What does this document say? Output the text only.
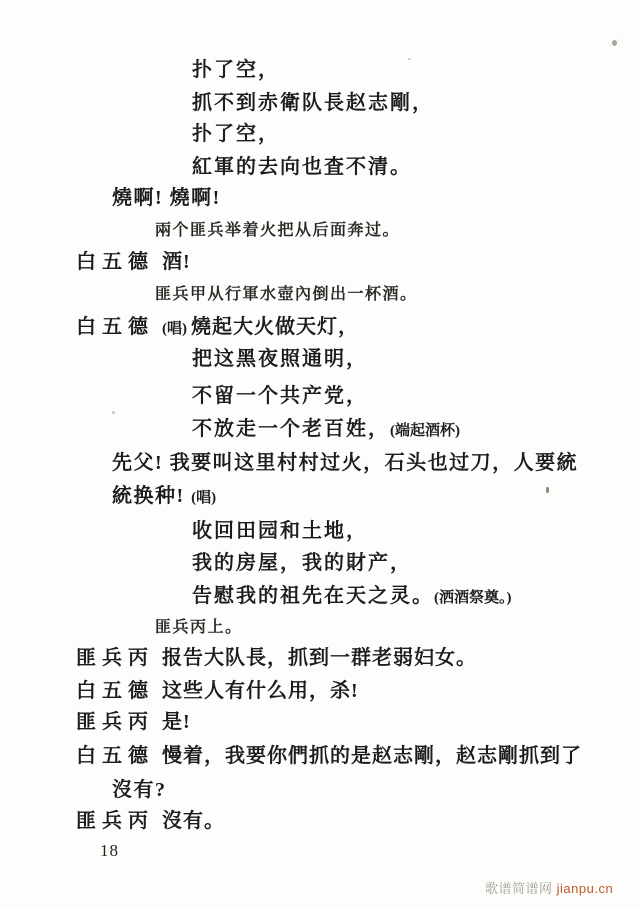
扑了空，
抓不到赤衛队長赵志剛，
扑了空，
紅軍的去向也査不清。
燒啊! 燒啊!
兩个匪兵举着火把从后面奔过。
白五德 酒!
匪兵甲从行軍水壺內倒出一杯酒。
白五德 (唱) 燒起大火做天灯，
把这黑夜照通明，
不留一个共产党，
不放走一个老百姓，(端起酒杯)
先父! 我要叫这里村村过火，石头也过刀，人要統
統换种! (唱)
收回田园和土地，
我的房屋，我的財产，
告慰我的祖先在天之灵。(洒酒祭奠。)
匪兵丙上。
匪兵丙 报告大队長，抓到一群老弱妇女。
白五德 这些人有什么用，杀!
匪兵丙 是!
白五德 慢着，我要你們抓的是赵志剛，赵志剛抓到了
沒有?
匪兵丙 沒有。
18
歌谱简谱网 jianpu.cn
